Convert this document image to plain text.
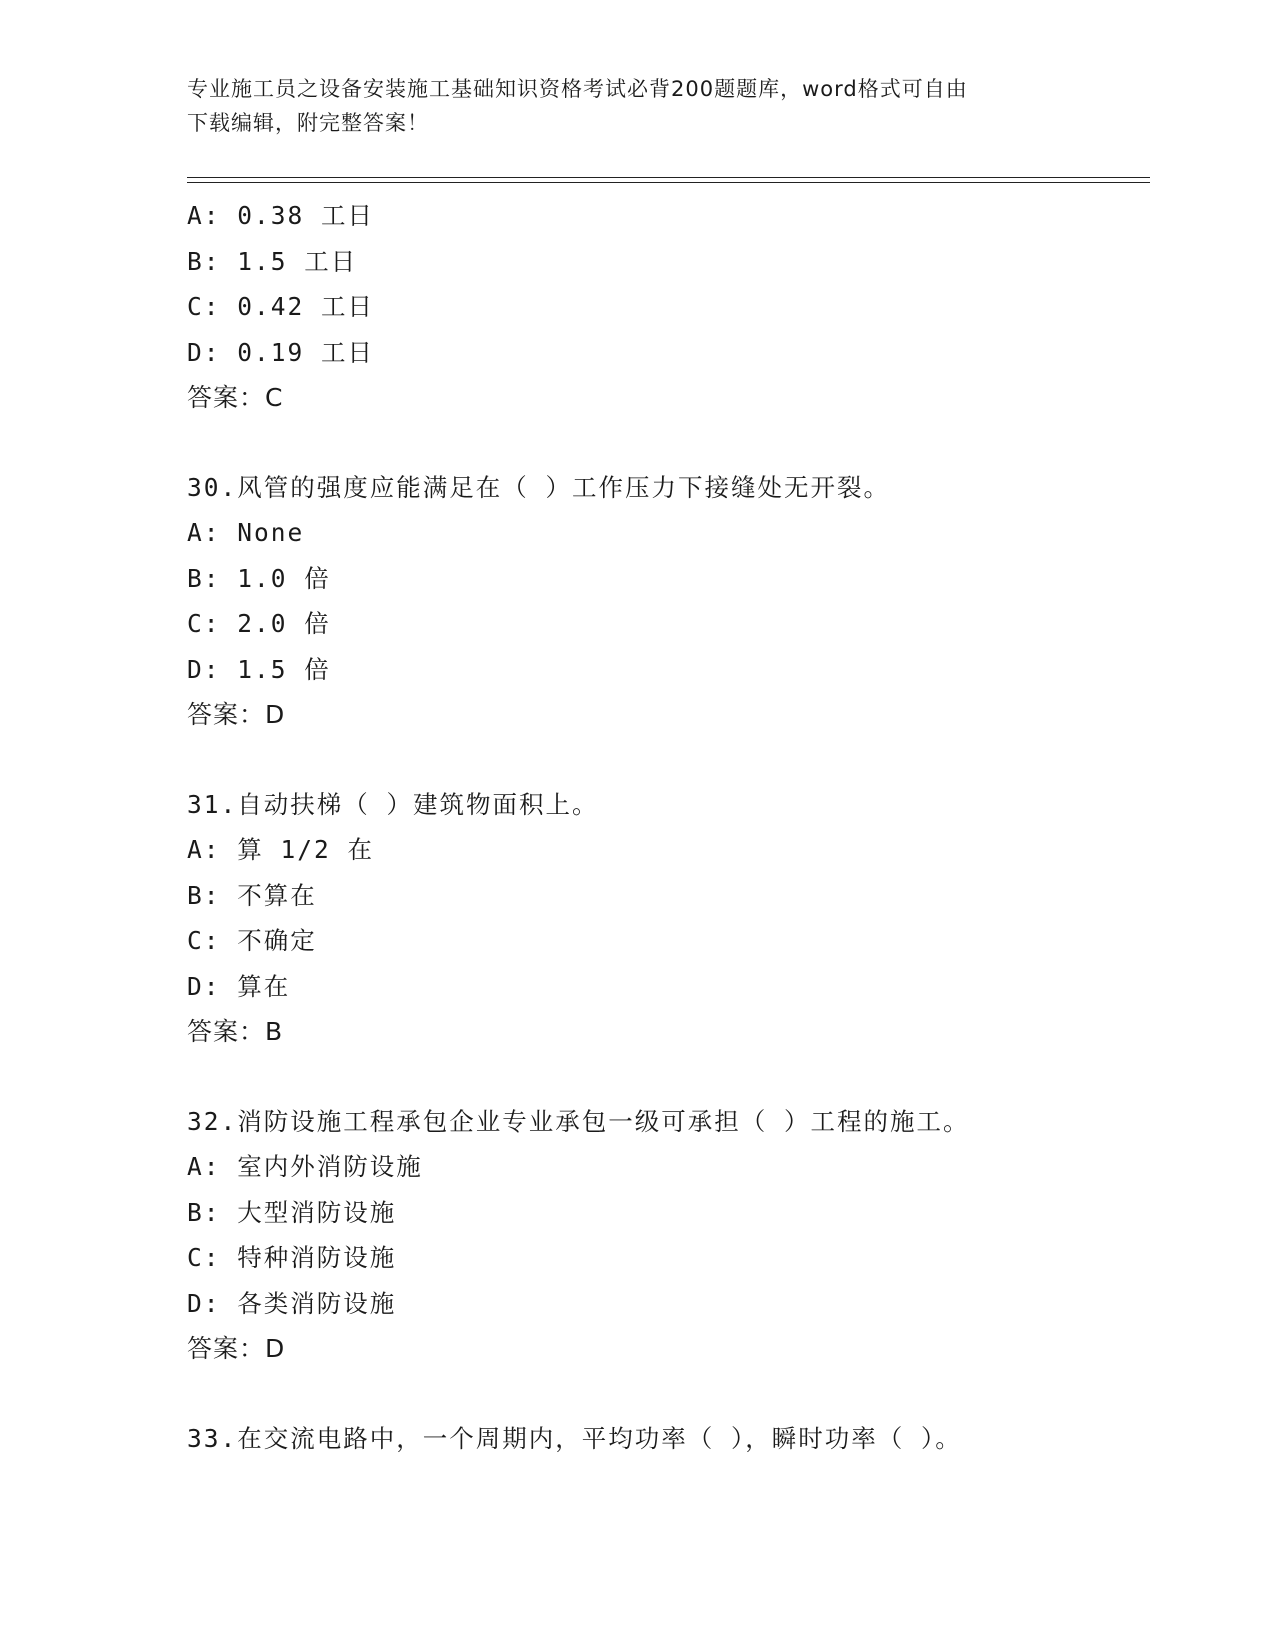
专业施工员之设备安装施工基础知识资格考试必背200题题库，word格式可自由
下载编辑，附完整答案！
A: 0.38 工日
B: 1.5 工日
C: 0.42 工日
D: 0.19 工日
答案：C
30.风管的强度应能满足在（ ）工作压力下接缝处无开裂。
A: None
B: 1.0 倍
C: 2.0 倍
D: 1.5 倍
答案：D
31.自动扶梯（ ）建筑物面积上。
A: 算 1/2 在
B: 不算在
C: 不确定
D: 算在
答案：B
32.消防设施工程承包企业专业承包一级可承担（ ）工程的施工。
A: 室内外消防设施
B: 大型消防设施
C: 特种消防设施
D: 各类消防设施
答案：D
33.在交流电路中，一个周期内，平均功率（ ），瞬时功率（ ）。
